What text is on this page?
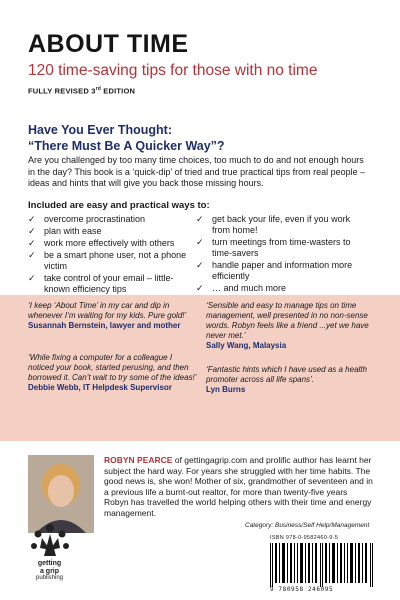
ABOUT TIME
120 time-saving tips for those with no time
FULLY REVISED 3rd EDITION
Have You Ever Thought:
“There Must Be A Quicker Way”?
Are you challenged by too many time choices, too much to do and not enough hours in the day? This book is a ‘quick-dip’ of tried and true practical tips from real people – ideas and hints that will give you back those missing hours.
Included are easy and practical ways to:
✓ overcome procrastination
✓ plan with ease
✓ work more effectively with others
✓ be a smart phone user, not a phone victim
✓ take control of your email – little-known efficiency tips
✓ get back your life, even if you work from home!
✓ turn meetings from time-wasters to time-savers
✓ handle paper and information more efficiently
✓ … and much more
‘I keep ‘About Time’ in my car and dip in whenever I’m waiting for my kids. Pure gold!’
Susannah Bernstein, lawyer and mother
‘While fixing a computer for a colleague I noticed your book, started perusing, and then borrowed it. Can’t wait to try some of the ideas!’
Debbie Webb, IT Helpdesk Supervisor
‘Sensible and easy to manage tips on time management, well presented in no non-sense words. Robyn feels like a friend ...yet we have never met.’
Sally Wang, Malaysia
‘Fantastic hints which I have used as a health promoter across all life spans’.
Lyn Burns
ROBYN PEARCE of gettingagrip.com and prolific author has learnt her subject the hard way. For years she struggled with her time habits. The good news is, she won! Mother of six, grandmother of seventeen and in a previous life a burnt-out realtor, for more than twenty-five years Robyn has travelled the world helping others with their time and energy management.
Category: Business/Self Help/Management
getting
a grip
publishing
ISBN 978-0-9582460-9-5
9 780958 246095
